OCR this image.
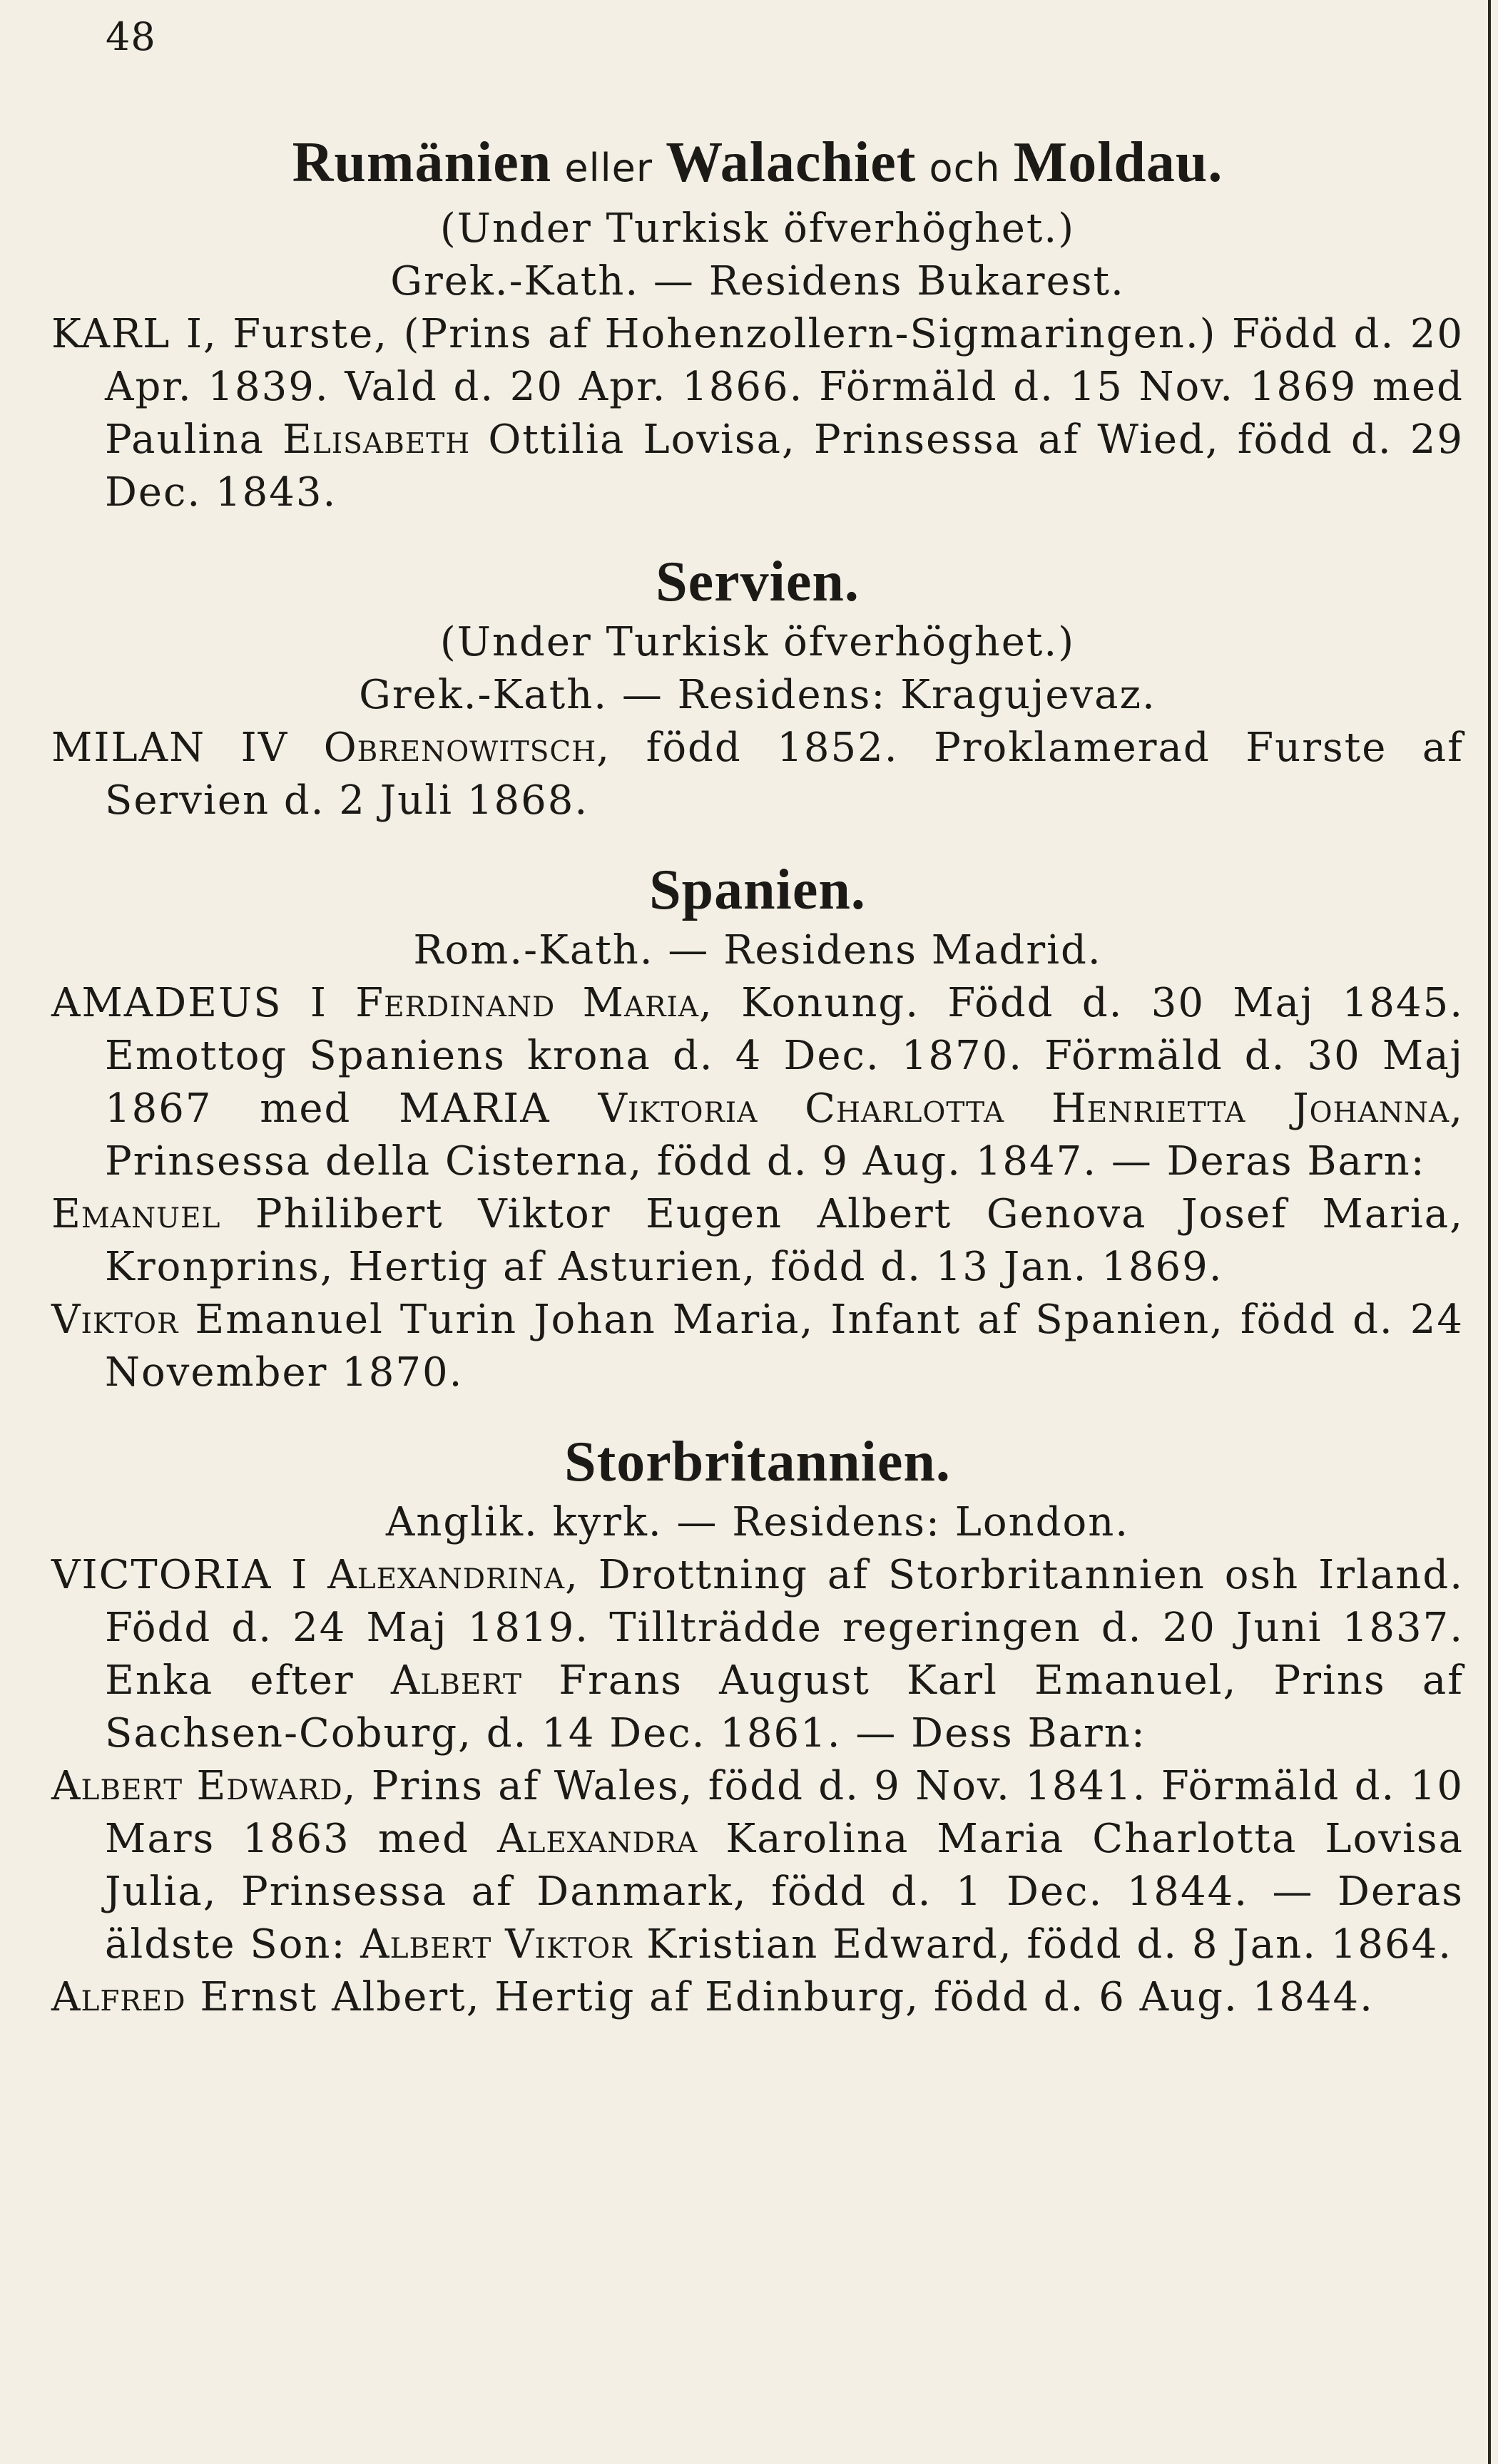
48
Rumänien eller Walachiet och Moldau.
(Under Turkisk öfverhöghet.)
Grek.-Kath. — Residens Bukarest.

KARL I, Furste, (Prins af Hohenzollern-Sigmaringen.) Född d. 20 Apr. 1839. Vald d. 20 Apr. 1866. Förmäld d. 15 Nov. 1869 med Paulina Elisabeth Ottilia Lovisa, Prinsessa af Wied, född d. 29 Dec. 1843.

Servien.
(Under Turkisk öfverhöghet.)
Grek.-Kath. — Residens: Kragujevaz.

MILAN IV Obrenowitsch, född 1852. Proklamerad Furste af Servien d. 2 Juli 1868.

Spanien.
Rom.-Kath. — Residens Madrid.

AMADEUS I Ferdinand Maria, Konung. Född d. 30 Maj 1845. Emottog Spaniens krona d. 4 Dec. 1870. Förmäld d. 30 Maj 1867 med MARIA Viktoria Charlotta Henrietta Johanna, Prinsessa della Cisterna, född d. 9 Aug. 1847. — Deras Barn:

Emanuel Philibert Viktor Eugen Albert Genova Josef Maria, Kronprins, Hertig af Asturien, född d. 13 Jan. 1869.

Viktor Emanuel Turin Johan Maria, Infant af Spanien, född d. 24 November 1870.

Storbritannien.
Anglik. kyrk. — Residens: London.

VICTORIA I Alexandrina, Drottning af Storbritannien osh Irland. Född d. 24 Maj 1819. Tillträdde regeringen d. 20 Juni 1837. Enka efter Albert Frans August Karl Emanuel, Prins af Sachsen-Coburg, d. 14 Dec. 1861. — Dess Barn:

Albert Edward, Prins af Wales, född d. 9 Nov. 1841. Förmäld d. 10 Mars 1863 med Alexandra Karolina Maria Charlotta Lovisa Julia, Prinsessa af Danmark, född d. 1 Dec. 1844. — Deras äldste Son: Albert Viktor Kristian Edward, född d. 8 Jan. 1864.

Alfred Ernst Albert, Hertig af Edinburg, född d. 6 Aug. 1844.
